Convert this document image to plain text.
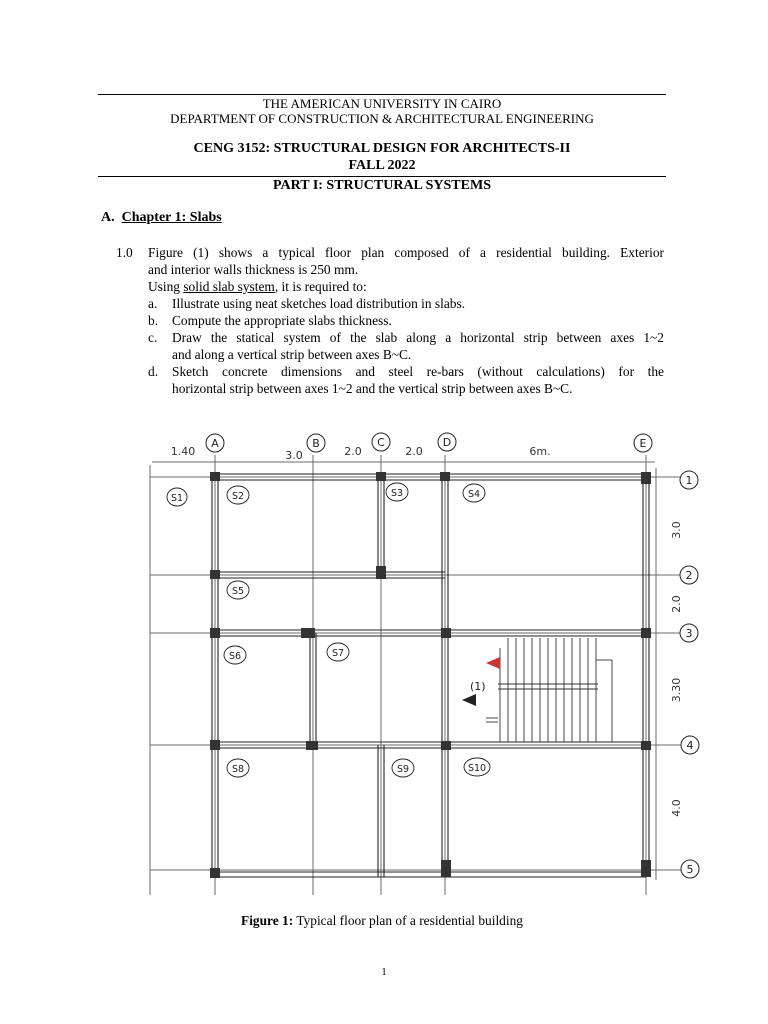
THE AMERICAN UNIVERSITY IN CAIRO
DEPARTMENT OF CONSTRUCTION & ARCHITECTURAL ENGINEERING
CENG 3152: STRUCTURAL DESIGN FOR ARCHITECTS-II
FALL 2022
PART I: STRUCTURAL SYSTEMS
A. Chapter 1: Slabs
1.0 Figure (1) shows a typical floor plan composed of a residential building. Exterior
and interior walls thickness is 250 mm.
Using solid slab system, it is required to:
a. Illustrate using neat sketches load distribution in slabs.
b. Compute the appropriate slabs thickness.
c. Draw the statical system of the slab along a horizontal strip between axes 1~2
and along a vertical strip between axes B~C.
d. Sketch concrete dimensions and steel re-bars (without calculations) for the
horizontal strip between axes 1~2 and the vertical strip between axes B~C.
(1)
A	B	C	D	E
1
2
3
4
5
1.40	3.0	2.0	2.0	6m.
3.0
2.0
3.30
4.0
S1	S2	S3	S4
S5
S6	S7
S8	S9	S10
Figure 1: Typical floor plan of a residential building
1
